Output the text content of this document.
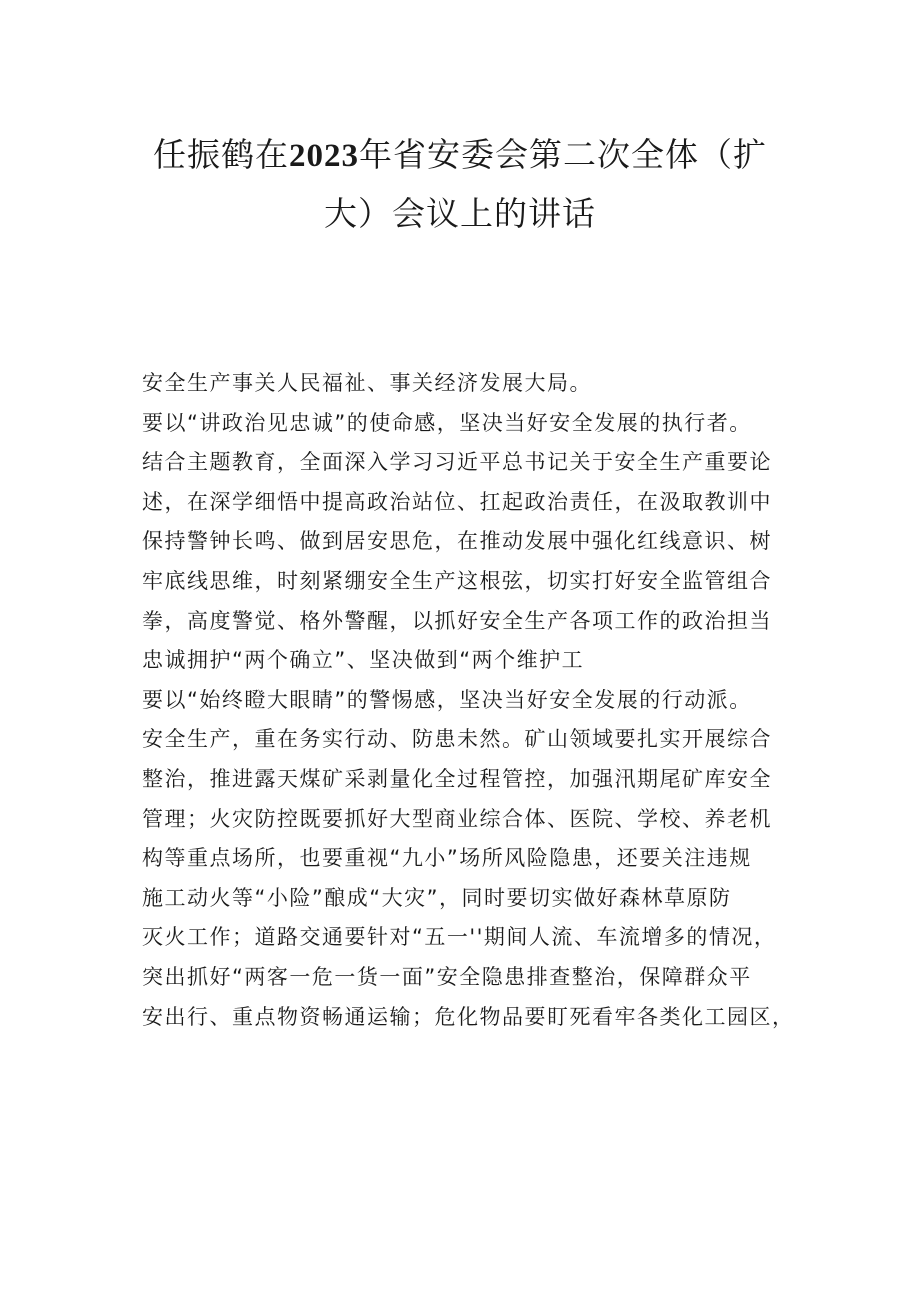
任振鹤在2023年省安委会第二次全体（扩
大）会议上的讲话
安全生产事关人民福祉、事关经济发展大局。
要以“讲政治见忠诚”的使命感，坚决当好安全发展的执行者。
结合主题教育，全面深入学习习近平总书记关于安全生产重要论
述，在深学细悟中提高政治站位、扛起政治责任，在汲取教训中
保持警钟长鸣、做到居安思危，在推动发展中强化红线意识、树
牢底线思维，时刻紧绷安全生产这根弦，切实打好安全监管组合
拳，高度警觉、格外警醒，以抓好安全生产各项工作的政治担当
忠诚拥护“两个确立”、坚决做到“两个维护工
要以“始终瞪大眼睛”的警惕感，坚决当好安全发展的行动派。
安全生产，重在务实行动、防患未然。矿山领域要扎实开展综合
整治，推进露天煤矿采剥量化全过程管控，加强汛期尾矿库安全
管理；火灾防控既要抓好大型商业综合体、医院、学校、养老机
构等重点场所，也要重视“九小”场所风险隐患，还要关注违规
施工动火等“小险”酿成“大灾”，同时要切实做好森林草原防
灭火工作；道路交通要针对“五一''期间人流、车流增多的情况，
突出抓好“两客一危一货一面”安全隐患排查整治，保障群众平
安出行、重点物资畅通运输；危化物品要盯死看牢各类化工园区，
